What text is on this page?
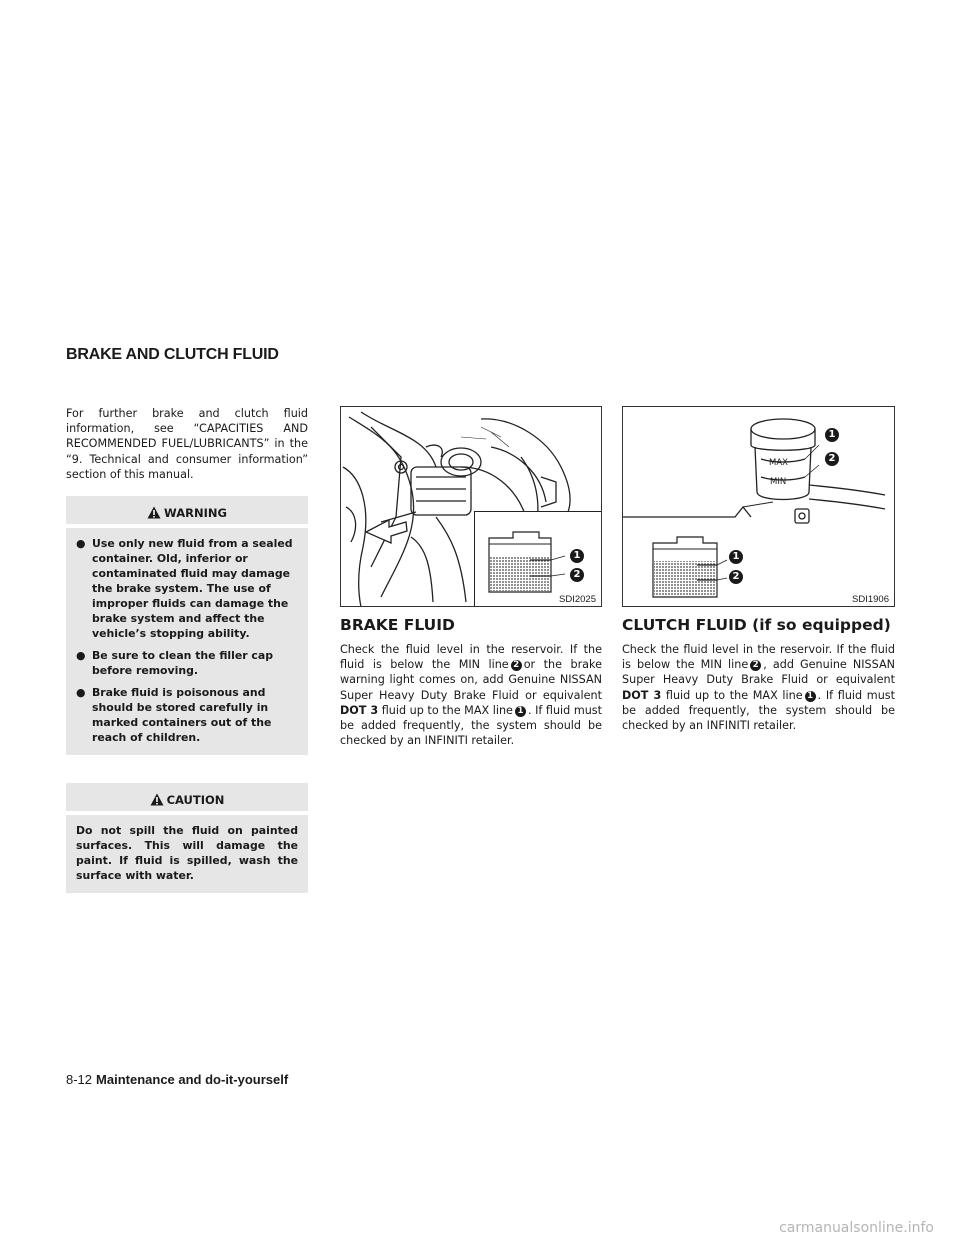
BRAKE AND CLUTCH FLUID

For further brake and clutch fluid information, see “CAPACITIES AND RECOMMENDED FUEL/LUBRICANTS” in the “9. Technical and consumer information” section of this manual.

WARNING
● Use only new fluid from a sealed container. Old, inferior or contaminated fluid may damage the brake system. The use of improper fluids can damage the brake system and affect the vehicle’s stopping ability.
● Be sure to clean the filler cap before removing.
● Brake fluid is poisonous and should be stored carefully in marked containers out of the reach of children.
CAUTION
Do not spill the fluid on painted surfaces. This will damage the paint. If fluid is spilled, wash the surface with water.
1
2
SDI2025
MAX
MIN
1
2
1
2
SDI1906
BRAKE FLUID

Check the fluid level in the reservoir. If the fluid is below the MIN line 2 or the brake warning light comes on, add Genuine NISSAN Super Heavy Duty Brake Fluid or equivalent DOT 3 fluid up to the MAX line 1 . If fluid must be added frequently, the system should be checked by an INFINITI retailer.

CLUTCH FLUID (if so equipped)

Check the fluid level in the reservoir. If the fluid is below the MIN line 2 , add Genuine NISSAN Super Heavy Duty Brake Fluid or equivalent DOT 3 fluid up to the MAX line 1 . If fluid must be added frequently, the system should be checked by an INFINITI retailer.

8-12 Maintenance and do-it-yourself
carmanualsonline.info
